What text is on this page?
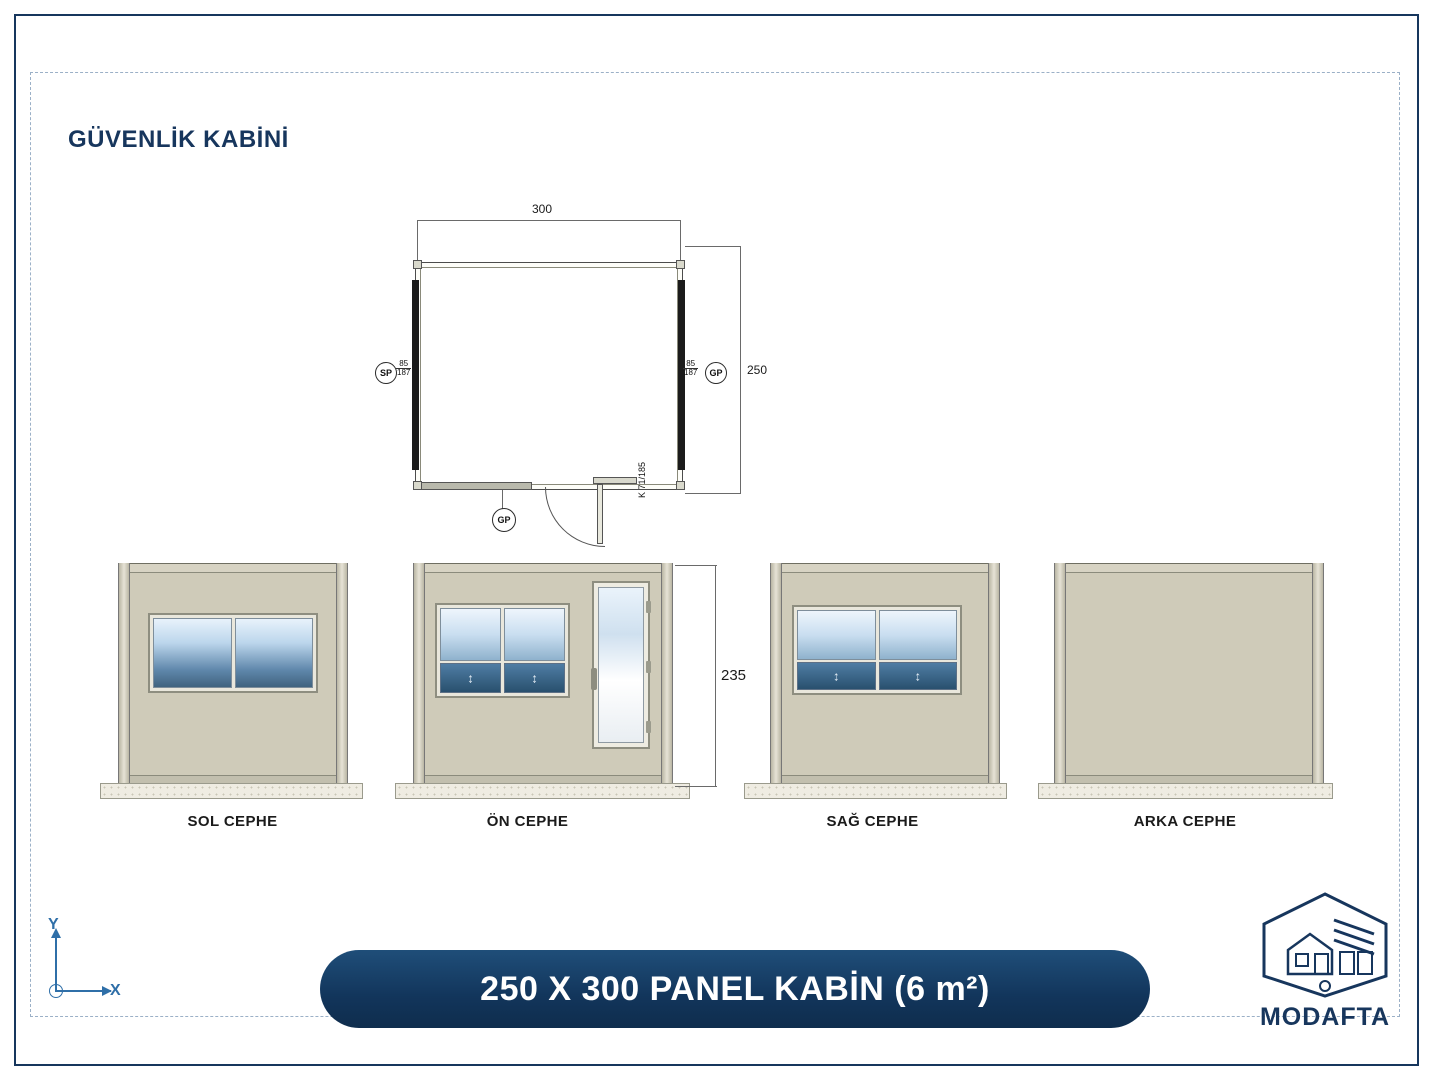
GÜVENLİK KABİNİ
300
250
K 71/185
SP $\frac{85}{187}$	$\frac{85}{187}$	GP
GP
SOL CEPHE
↕	↕	235
ÖN CEPHE
↕	↕
SAĞ CEPHE	ARKA CEPHE
Y
X	250 X 300 PANEL KABİN (6 m²)
MODAFTA
